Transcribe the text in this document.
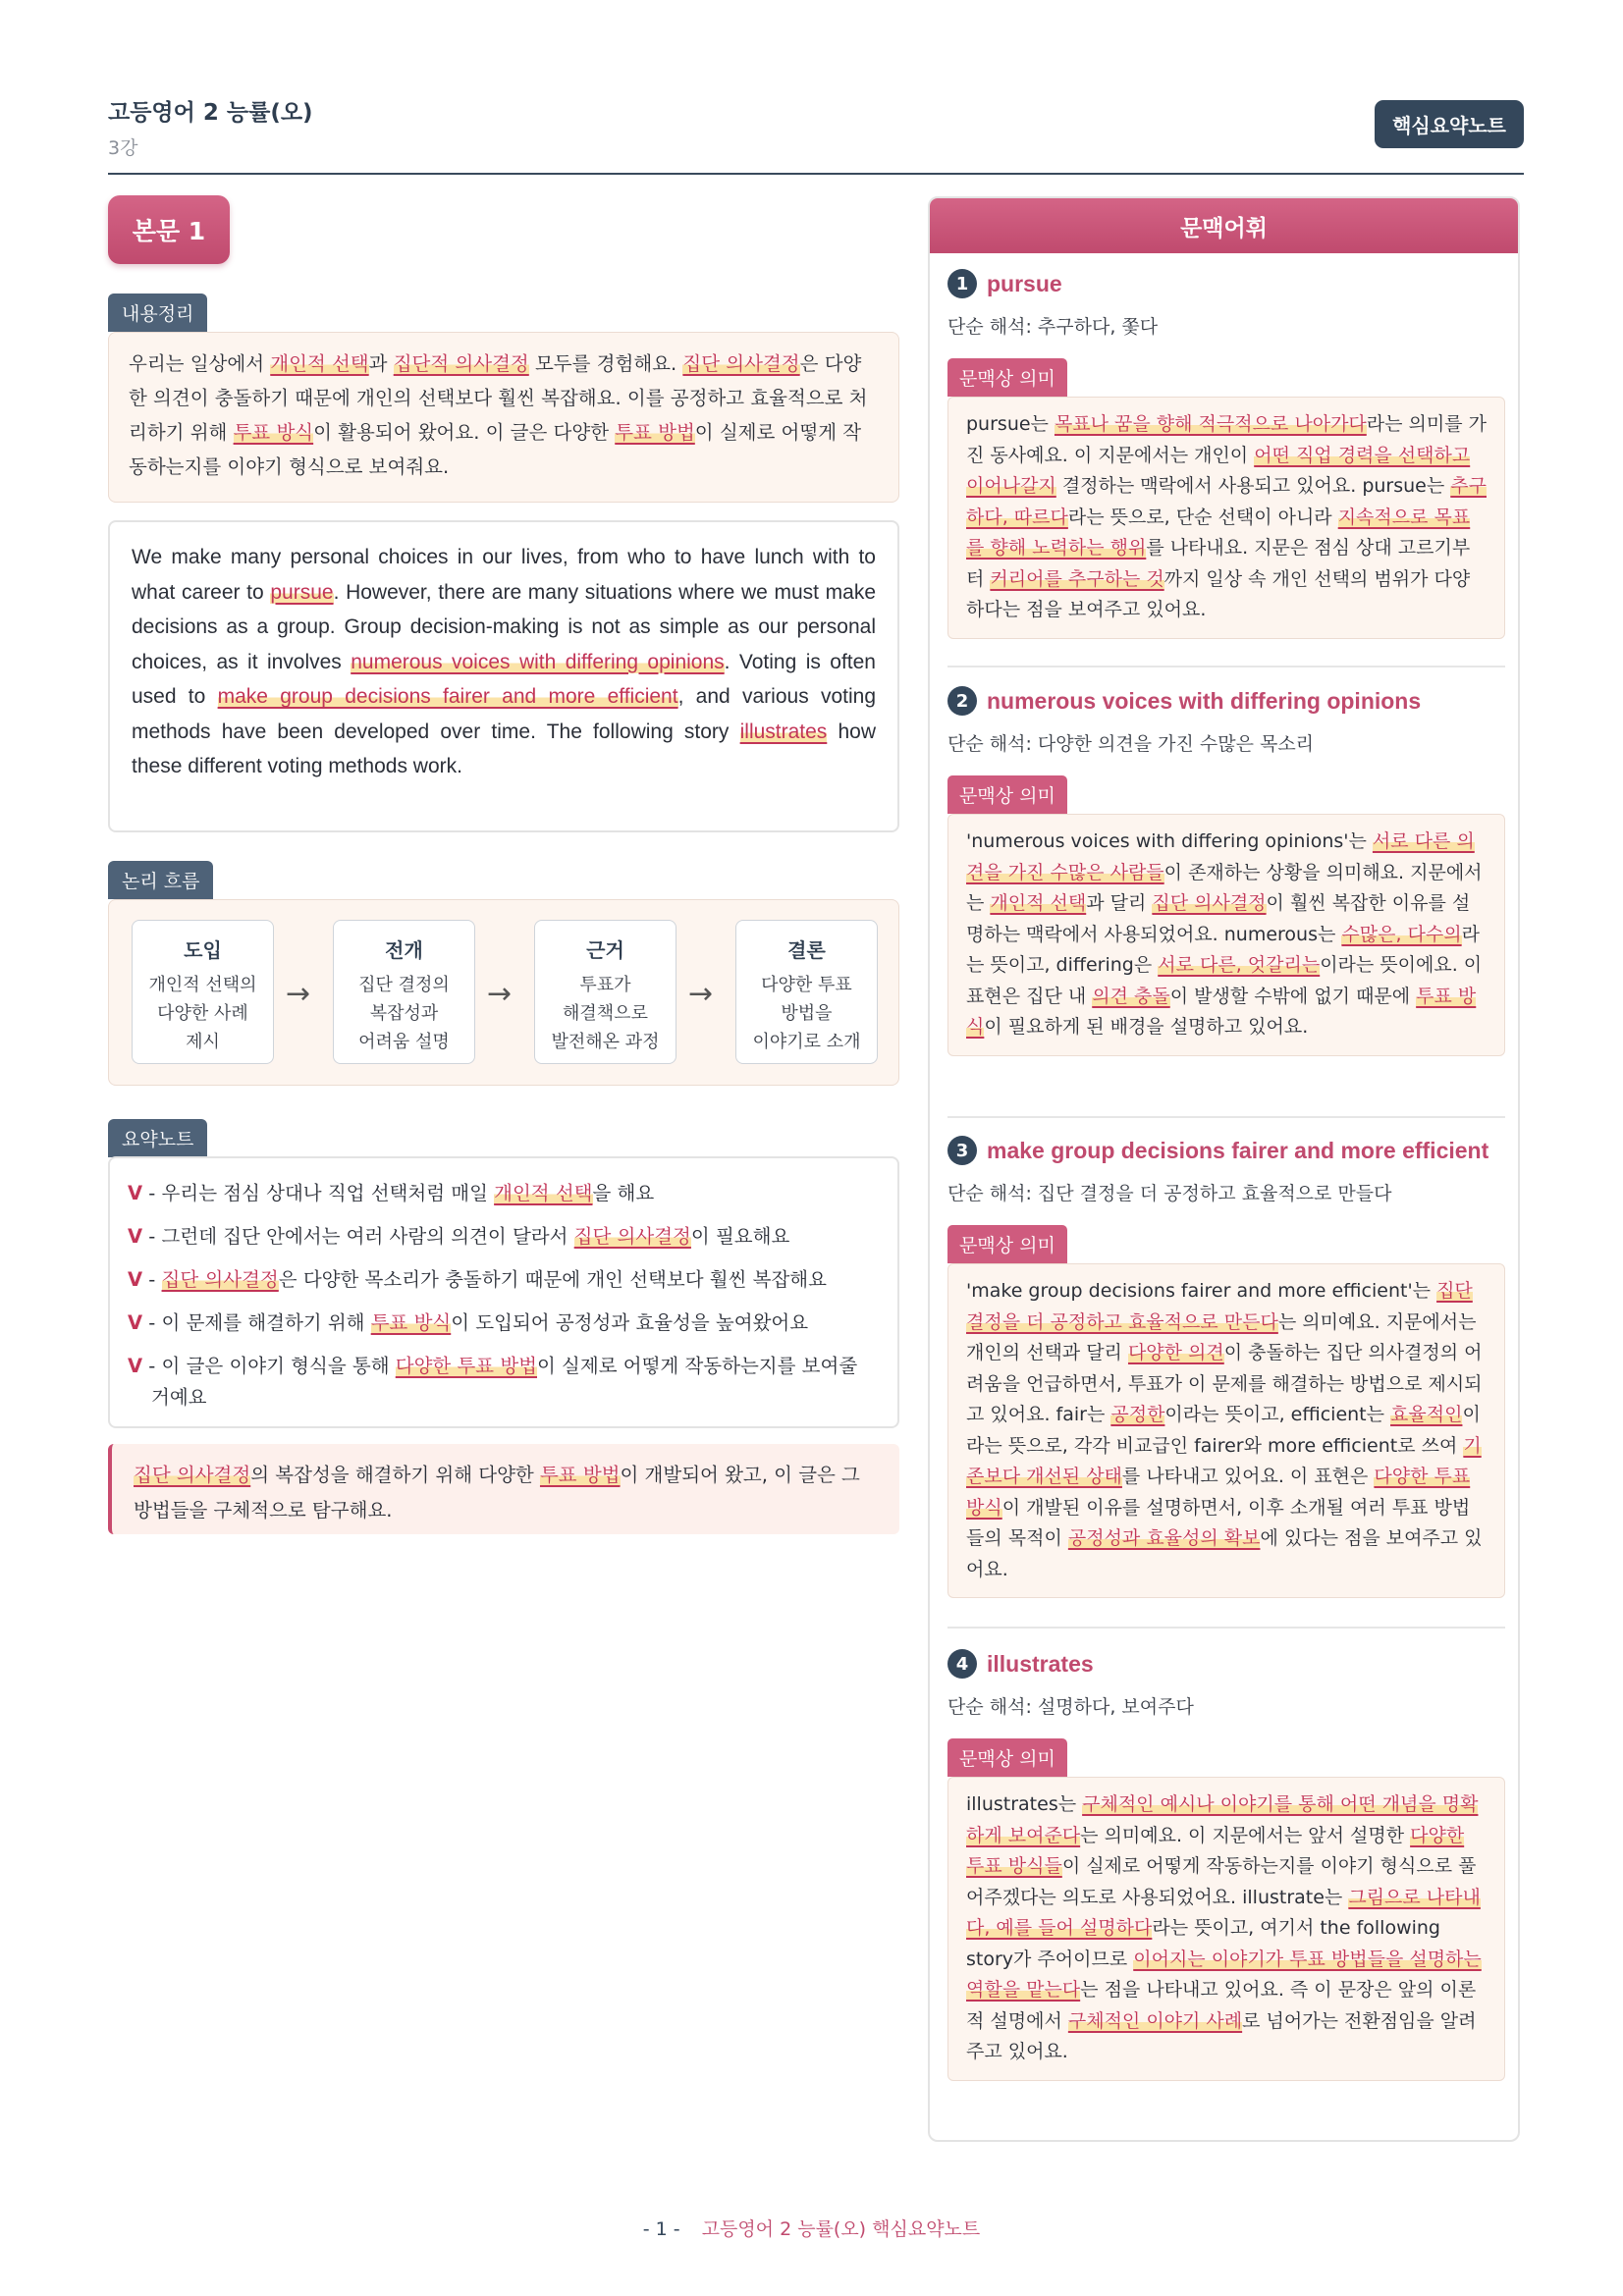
고등영어 2 능률(오)
3강
핵심요약노트
본문 1
내용정리
우리는 일상에서 개인적 선택과 집단적 의사결정 모두를 경험해요. 집단 의사결정은 다양한 의견이 충돌하기 때문에 개인의 선택보다 훨씬 복잡해요. 이를 공정하고 효율적으로 처리하기 위해 투표 방식이 활용되어 왔어요. 이 글은 다양한 투표 방법이 실제로 어떻게 작동하는지를 이야기 형식으로 보여줘요.
We make many personal choices in our lives, from who to have lunch with to what career to pursue. However, there are many situations where we must make decisions as a group. Group decision-making is not as simple as our personal choices, as it involves numerous voices with differing opinions. Voting is often used to make group decisions fairer and more efficient, and various voting methods have been developed over time. The following story illustrates how these different voting methods work.
논리 흐름
도입
개인적 선택의
다양한 사례
제시
→
전개
집단 결정의
복잡성과
어려움 설명
→
근거
투표가
해결책으로
발전해온 과정
→
결론
다양한 투표
방법을
이야기로 소개
요약노트
V - 우리는 점심 상대나 직업 선택처럼 매일 개인적 선택을 해요
V - 그런데 집단 안에서는 여러 사람의 의견이 달라서 집단 의사결정이 필요해요
V - 집단 의사결정은 다양한 목소리가 충돌하기 때문에 개인 선택보다 훨씬 복잡해요
V - 이 문제를 해결하기 위해 투표 방식이 도입되어 공정성과 효율성을 높여왔어요
V - 이 글은 이야기 형식을 통해 다양한 투표 방법이 실제로 어떻게 작동하는지를 보여줄 거예요
집단 의사결정의 복잡성을 해결하기 위해 다양한 투표 방법이 개발되어 왔고, 이 글은 그 방법들을 구체적으로 탐구해요.
문맥어휘
1 pursue
단순 해석: 추구하다, 쫓다
문맥상 의미
pursue는 목표나 꿈을 향해 적극적으로 나아가다라는 의미를 가진 동사예요. 이 지문에서는 개인이 어떤 직업 경력을 선택하고 이어나갈지 결정하는 맥락에서 사용되고 있어요. pursue는 추구하다, 따르다라는 뜻으로, 단순 선택이 아니라 지속적으로 목표를 향해 노력하는 행위를 나타내요. 지문은 점심 상대 고르기부터 커리어를 추구하는 것까지 일상 속 개인 선택의 범위가 다양하다는 점을 보여주고 있어요.
2 numerous voices with differing opinions
단순 해석: 다양한 의견을 가진 수많은 목소리
문맥상 의미
'numerous voices with differing opinions'는 서로 다른 의견을 가진 수많은 사람들이 존재하는 상황을 의미해요. 지문에서는 개인적 선택과 달리 집단 의사결정이 훨씬 복잡한 이유를 설명하는 맥락에서 사용되었어요. numerous는 수많은, 다수의라는 뜻이고, differing은 서로 다른, 엇갈리는이라는 뜻이에요. 이 표현은 집단 내 의견 충돌이 발생할 수밖에 없기 때문에 투표 방식이 필요하게 된 배경을 설명하고 있어요.
3 make group decisions fairer and more efficient
단순 해석: 집단 결정을 더 공정하고 효율적으로 만들다
문맥상 의미
'make group decisions fairer and more efficient'는 집단 결정을 더 공정하고 효율적으로 만든다는 의미예요. 지문에서는 개인의 선택과 달리 다양한 의견이 충돌하는 집단 의사결정의 어려움을 언급하면서, 투표가 이 문제를 해결하는 방법으로 제시되고 있어요. fair는 공정한이라는 뜻이고, efficient는 효율적인이라는 뜻으로, 각각 비교급인 fairer와 more efficient로 쓰여 기존보다 개선된 상태를 나타내고 있어요. 이 표현은 다양한 투표 방식이 개발된 이유를 설명하면서, 이후 소개될 여러 투표 방법들의 목적이 공정성과 효율성의 확보에 있다는 점을 보여주고 있어요.
4 illustrates
단순 해석: 설명하다, 보여주다
문맥상 의미
illustrates는 구체적인 예시나 이야기를 통해 어떤 개념을 명확하게 보여준다는 의미예요. 이 지문에서는 앞서 설명한 다양한 투표 방식들이 실제로 어떻게 작동하는지를 이야기 형식으로 풀어주겠다는 의도로 사용되었어요. illustrate는 그림으로 나타내다, 예를 들어 설명하다라는 뜻이고, 여기서 the following story가 주어이므로 이어지는 이야기가 투표 방법들을 설명하는 역할을 맡는다는 점을 나타내고 있어요. 즉 이 문장은 앞의 이론적 설명에서 구체적인 이야기 사례로 넘어가는 전환점임을 알려주고 있어요.
- 1 - 고등영어 2 능률(오) 핵심요약노트
